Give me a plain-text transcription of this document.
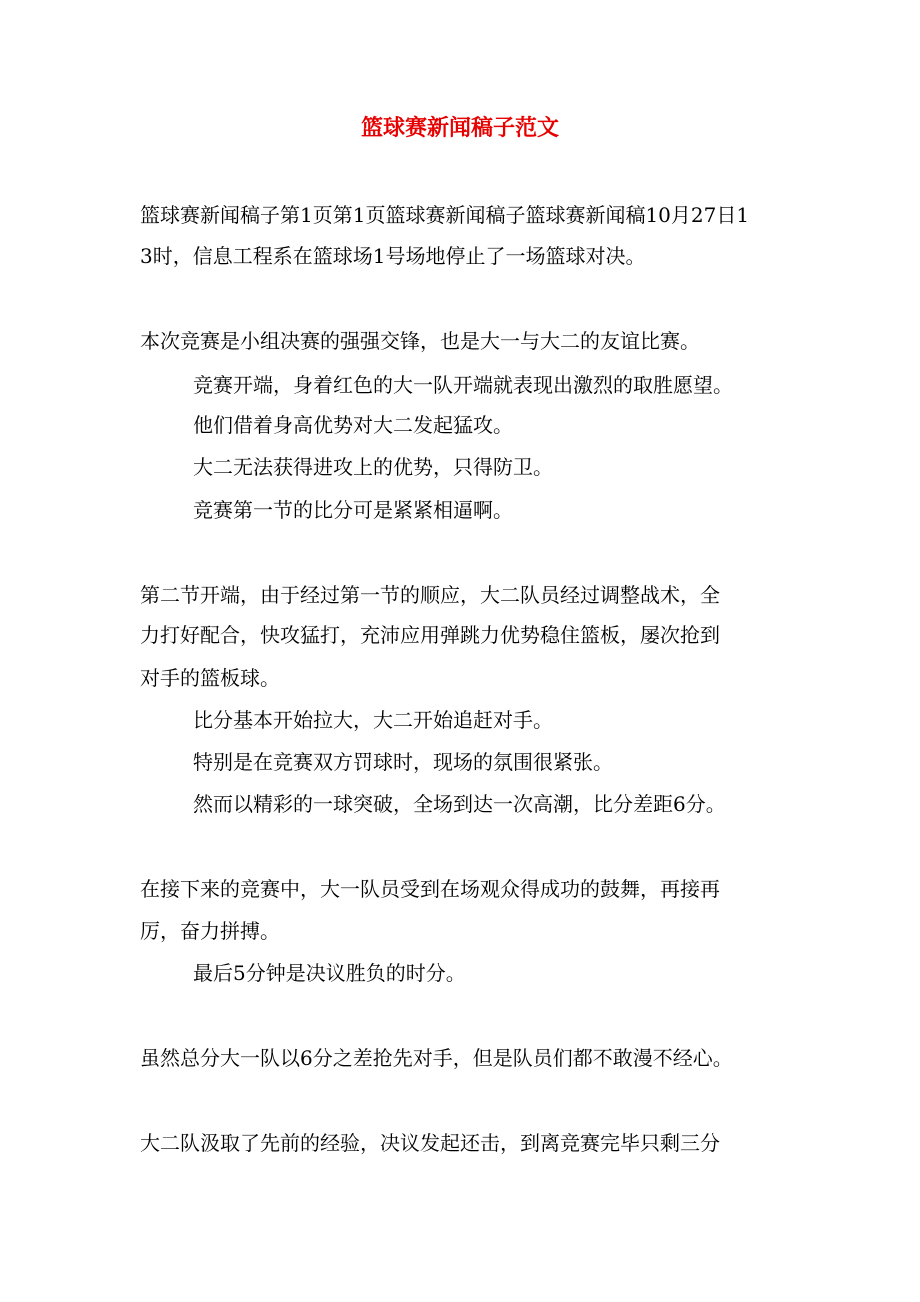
篮球赛新闻稿子范文

篮球赛新闻稿子第1页第1页篮球赛新闻稿子篮球赛新闻稿10月27日1

3时，信息工程系在篮球场1号场地停止了一场篮球对决。

本次竞赛是小组决赛的强强交锋，也是大一与大二的友谊比赛。

竞赛开端，身着红色的大一队开端就表现出激烈的取胜愿望。

他们借着身高优势对大二发起猛攻。

大二无法获得进攻上的优势，只得防卫。

竞赛第一节的比分可是紧紧相逼啊。

第二节开端，由于经过第一节的顺应，大二队员经过调整战术，全

力打好配合，快攻猛打，充沛应用弹跳力优势稳住篮板，屡次抢到

对手的篮板球。

比分基本开始拉大，大二开始追赶对手。

特别是在竞赛双方罚球时，现场的氛围很紧张。

然而以精彩的一球突破，全场到达一次高潮，比分差距6分。

在接下来的竞赛中，大一队员受到在场观众得成功的鼓舞，再接再

厉，奋力拼搏。

最后5分钟是决议胜负的时分。

虽然总分大一队以6分之差抢先对手，但是队员们都不敢漫不经心。

大二队汲取了先前的经验，决议发起还击，到离竞赛完毕只剩三分
